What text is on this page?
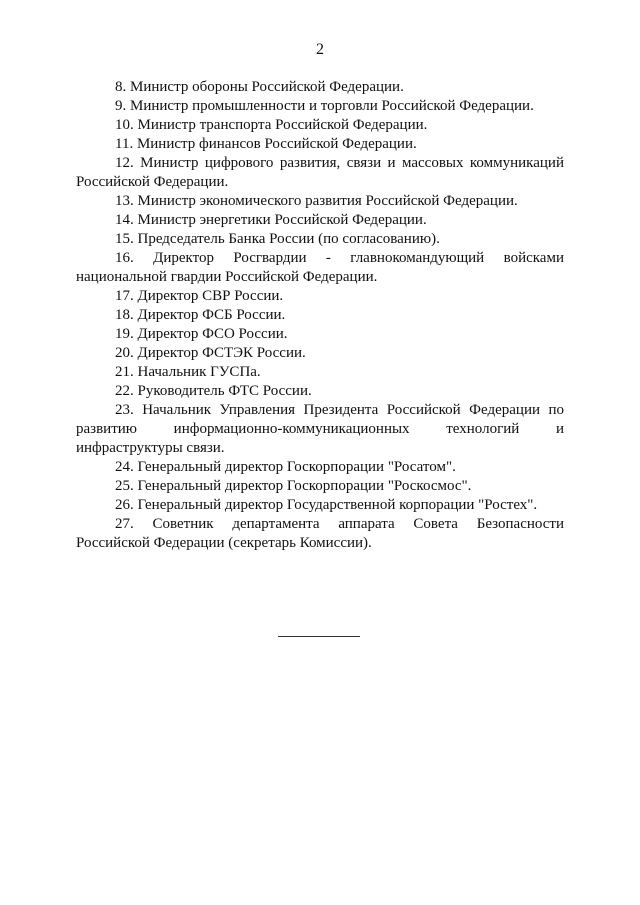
2

8. Министр обороны Российской Федерации.

9. Министр промышленности и торговли Российской Федерации.

10. Министр транспорта Российской Федерации.

11. Министр финансов Российской Федерации.

12. Министр цифрового развития, связи и массовых коммуникаций Российской Федерации.

13. Министр экономического развития Российской Федерации.

14. Министр энергетики Российской Федерации.

15. Председатель Банка России (по согласованию).

16. Директор Росгвардии - главнокомандующий войсками национальной гвардии Российской Федерации.

17. Директор СВР России.

18. Директор ФСБ России.

19. Директор ФСО России.

20. Директор ФСТЭК России.

21. Начальник ГУСПа.

22. Руководитель ФТС России.

23. Начальник Управления Президента Российской Федерации по развитию информационно-коммуникационных технологий и инфраструктуры связи.

24. Генеральный директор Госкорпорации "Росатом".

25. Генеральный директор Госкорпорации "Роскосмос".

26. Генеральный директор Государственной корпорации "Ростех".

27. Советник департамента аппарата Совета Безопасности Российской Федерации (секретарь Комиссии).
